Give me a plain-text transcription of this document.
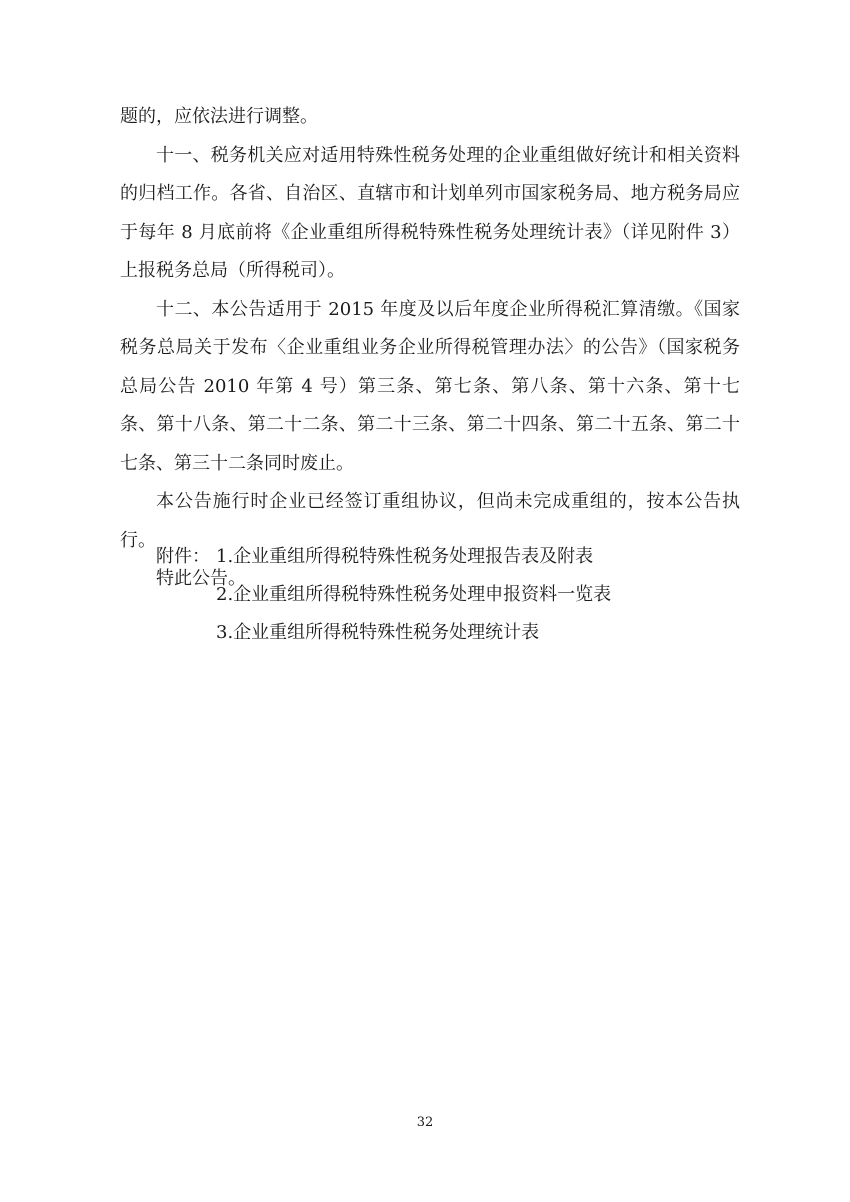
题的，应依法进行调整。

十一、税务机关应对适用特殊性税务处理的企业重组做好统计和相关资料的归档工作。各省、自治区、直辖市和计划单列市国家税务局、地方税务局应于每年 8 月底前将《企业重组所得税特殊性税务处理统计表》（详见附件 3）上报税务总局（所得税司）。

十二、本公告适用于 2015 年度及以后年度企业所得税汇算清缴。《国家税务总局关于发布〈企业重组业务企业所得税管理办法〉的公告》（国家税务总局公告 2010 年第 4 号）第三条、第七条、第八条、第十六条、第十七条、第十八条、第二十二条、第二十三条、第二十四条、第二十五条、第二十七条、第三十二条同时废止。

本公告施行时企业已经签订重组协议，但尚未完成重组的，按本公告执行。

特此公告。

附件： 1.企业重组所得税特殊性税务处理报告表及附表
2.企业重组所得税特殊性税务处理申报资料一览表
3.企业重组所得税特殊性税务处理统计表
32
